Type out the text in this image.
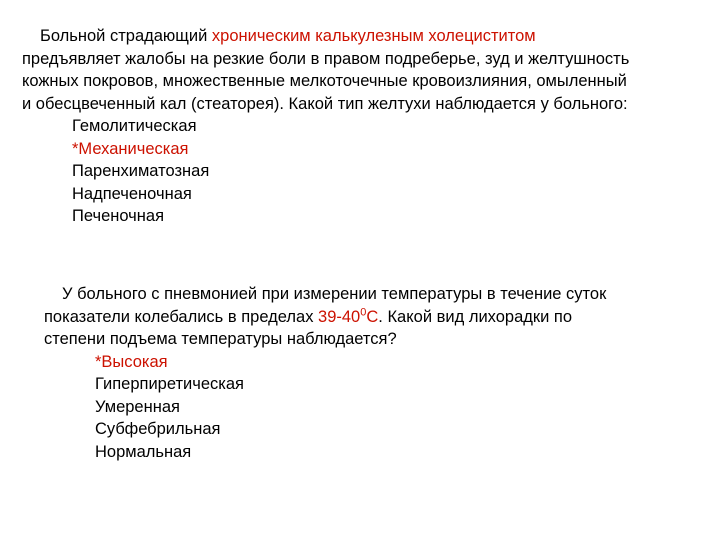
Больной страдающий хроническим калькулезным холециститом
предъявляет жалобы на резкие боли в правом подреберье, зуд и желтушность
кожных покровов, множественные мелкоточечные кровоизлияния, омыленный
и обесцвеченный кал (стеаторея). Какой тип желтухи наблюдается у больного:
Гемолитическая
*Механическая
Паренхиматозная
Надпеченочная
Печеночная
У больного с пневмонией при измерении температуры в течение суток
показатели колебались в пределах $39-40^0С$. Какой вид лихорадки по
степени подъема температуры наблюдается?
*Высокая
Гиперпиретическая
Умеренная
Субфебрильная
Нормальная
